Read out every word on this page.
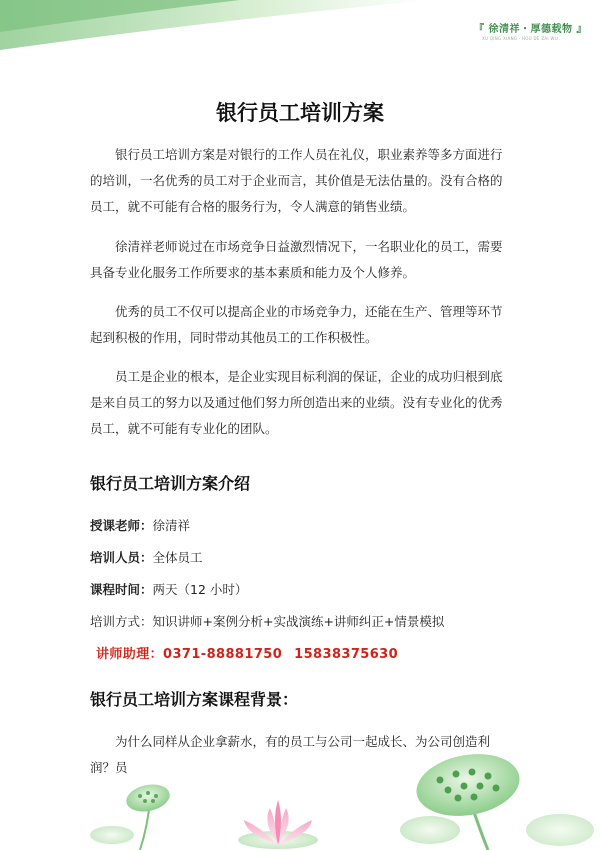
『 徐清祥・厚德载物 』
XU QING XIANG · HOU DE ZAI WU
银行员工培训方案

银行员工培训方案是对银行的工作人员在礼仪，职业素养等多方面进行的培训，一名优秀的员工对于企业而言，其价值是无法估量的。没有合格的员工，就不可能有合格的服务行为，令人满意的销售业绩。

徐清祥老师说过在市场竞争日益激烈情况下，一名职业化的员工，需要具备专业化服务工作所要求的基本素质和能力及个人修养。

优秀的员工不仅可以提高企业的市场竞争力，还能在生产、管理等环节起到积极的作用，同时带动其他员工的工作积极性。

员工是企业的根本，是企业实现目标利润的保证，企业的成功归根到底是来自员工的努力以及通过他们努力所创造出来的业绩。没有专业化的优秀员工，就不可能有专业化的团队。

银行员工培训方案介绍
授课老师：徐清祥
培训人员：全体员工
课程时间：两天（12 小时）
培训方式：知识讲师+案例分析+实战演练+讲师纠正+情景模拟
讲师助理：0371-88881750 15838375630
银行员工培训方案课程背景：

为什么同样从企业拿薪水，有的员工与公司一起成长、为公司创造利润？员
